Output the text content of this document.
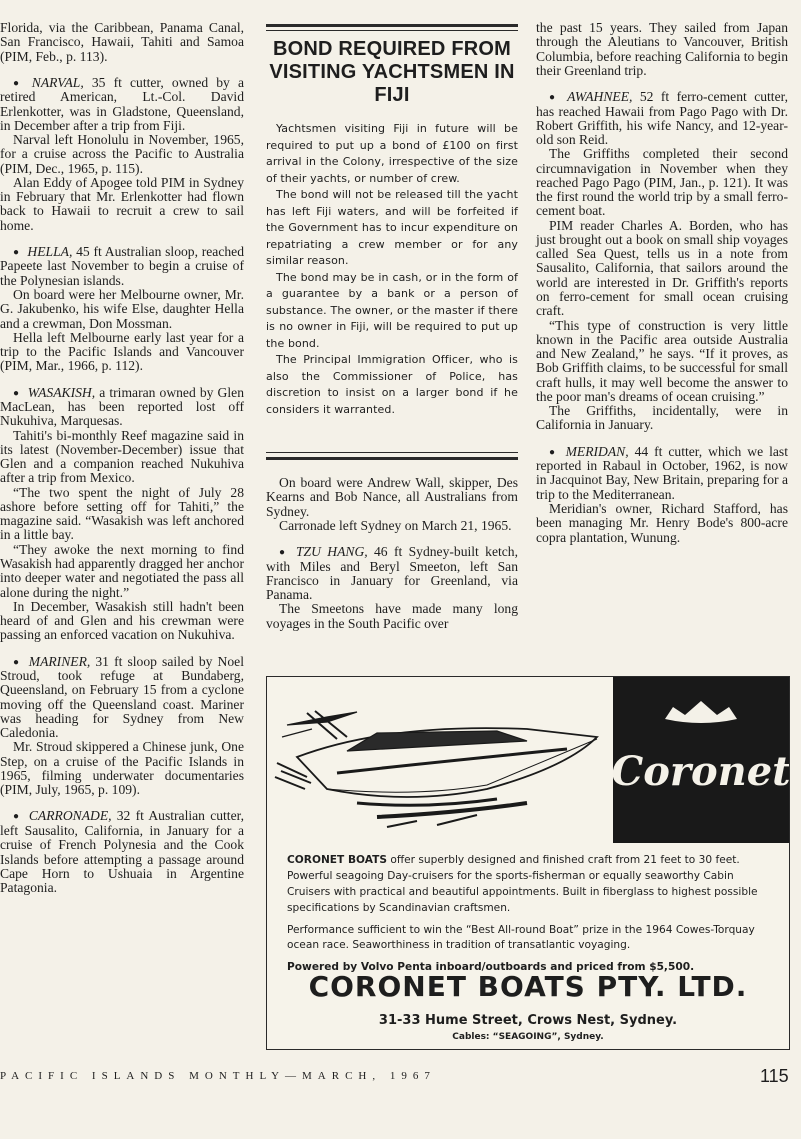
Florida, via the Caribbean, Panama Canal, San Francisco, Hawaii, Tahiti and Samoa (PIM, Feb., p. 113).

● NARVAL, 35 ft cutter, owned by a retired American, Lt.-Col. David Erlenkotter, was in Gladstone, Queensland, in December after a trip from Fiji.

Narval left Honolulu in November, 1965, for a cruise across the Pacific to Australia (PIM, Dec., 1965, p. 115).

Alan Eddy of Apogee told PIM in Sydney in February that Mr. Erlenkotter had flown back to Hawaii to recruit a crew to sail home.

● HELLA, 45 ft Australian sloop, reached Papeete last November to begin a cruise of the Polynesian islands.

On board were her Melbourne owner, Mr. G. Jakubenko, his wife Else, daughter Hella and a crewman, Don Mossman.

Hella left Melbourne early last year for a trip to the Pacific Islands and Vancouver (PIM, Mar., 1966, p. 112).

● WASAKISH, a trimaran owned by Glen MacLean, has been reported lost off Nukuhiva, Marquesas.

Tahiti's bi-monthly Reef magazine said in its latest (November-December) issue that Glen and a companion reached Nukuhiva after a trip from Mexico.

“The two spent the night of July 28 ashore before setting off for Tahiti,” the magazine said. “Wasakish was left anchored in a little bay.

“They awoke the next morning to find Wasakish had apparently dragged her anchor into deeper water and negotiated the pass all alone during the night.”

In December, Wasakish still hadn't been heard of and Glen and his crewman were passing an enforced vacation on Nukuhiva.

● MARINER, 31 ft sloop sailed by Noel Stroud, took refuge at Bundaberg, Queensland, on February 15 from a cyclone moving off the Queensland coast. Mariner was heading for Sydney from New Caledonia.

Mr. Stroud skippered a Chinese junk, One Step, on a cruise of the Pacific Islands in 1965, filming underwater documentaries (PIM, July, 1965, p. 109).

● CARRONADE, 32 ft Australian cutter, left Sausalito, California, in January for a cruise of French Polynesia and the Cook Islands before attempting a passage around Cape Horn to Ushuaia in Argentine Patagonia.

BOND REQUIRED FROM VISITING YACHTSMEN IN FIJI

Yachtsmen visiting Fiji in future will be required to put up a bond of £100 on first arrival in the Colony, irrespective of the size of their yachts, or number of crew.

The bond will not be released till the yacht has left Fiji waters, and will be forfeited if the Government has to incur expenditure on repatriating a crew member or for any similar reason.

The bond may be in cash, or in the form of a guarantee by a bank or a person of substance. The owner, or the master if there is no owner in Fiji, will be required to put up the bond.

The Principal Immigration Officer, who is also the Commissioner of Police, has discretion to insist on a larger bond if he considers it warranted.

On board were Andrew Wall, skipper, Des Kearns and Bob Nance, all Australians from Sydney.

Carronade left Sydney on March 21, 1965.

● TZU HANG, 46 ft Sydney-built ketch, with Miles and Beryl Smeeton, left San Francisco in January for Greenland, via Panama.

The Smeetons have made many long voyages in the South Pacific over

the past 15 years. They sailed from Japan through the Aleutians to Vancouver, British Columbia, before reaching California to begin their Greenland trip.

● AWAHNEE, 52 ft ferro-cement cutter, has reached Hawaii from Pago Pago with Dr. Robert Griffith, his wife Nancy, and 12-year-old son Reid.

The Griffiths completed their second circumnavigation in November when they reached Pago Pago (PIM, Jan., p. 121). It was the first round the world trip by a small ferro-cement boat.

PIM reader Charles A. Borden, who has just brought out a book on small ship voyages called Sea Quest, tells us in a note from Sausalito, California, that sailors around the world are interested in Dr. Griffith's reports on ferro-cement for small ocean cruising craft.

“This type of construction is very little known in the Pacific area outside Australia and New Zealand,” he says. “If it proves, as Bob Griffith claims, to be successful for small craft hulls, it may well become the answer to the poor man's dreams of ocean cruising.”

The Griffiths, incidentally, were in California in January.

● MERIDAN, 44 ft cutter, which we last reported in Rabaul in October, 1962, is now in Jacquinot Bay, New Britain, preparing for a trip to the Mediterranean.

Meridian's owner, Richard Stafford, has been managing Mr. Henry Bode's 800-acre copra plantation, Wunung.

Coronet

CORONET BOATS offer superbly designed and finished craft from 21 feet to 30 feet. Powerful seagoing Day-cruisers for the sports-fisherman or equally seaworthy Cabin Cruisers with practical and beautiful appointments. Built in fiberglass to highest possible specifications by Scandinavian craftsmen.

Performance sufficient to win the “Best All-round Boat” prize in the 1964 Cowes-Torquay ocean race. Seaworthiness in tradition of transatlantic voyaging.

Powered by Volvo Penta inboard/outboards and priced from $5,500.

CORONET BOATS PTY. LTD.
31-33 Hume Street, Crows Nest, Sydney.
Cables: “SEAGOING”, Sydney.
PACIFIC ISLANDS MONTHLY—MARCH, 1967	115
